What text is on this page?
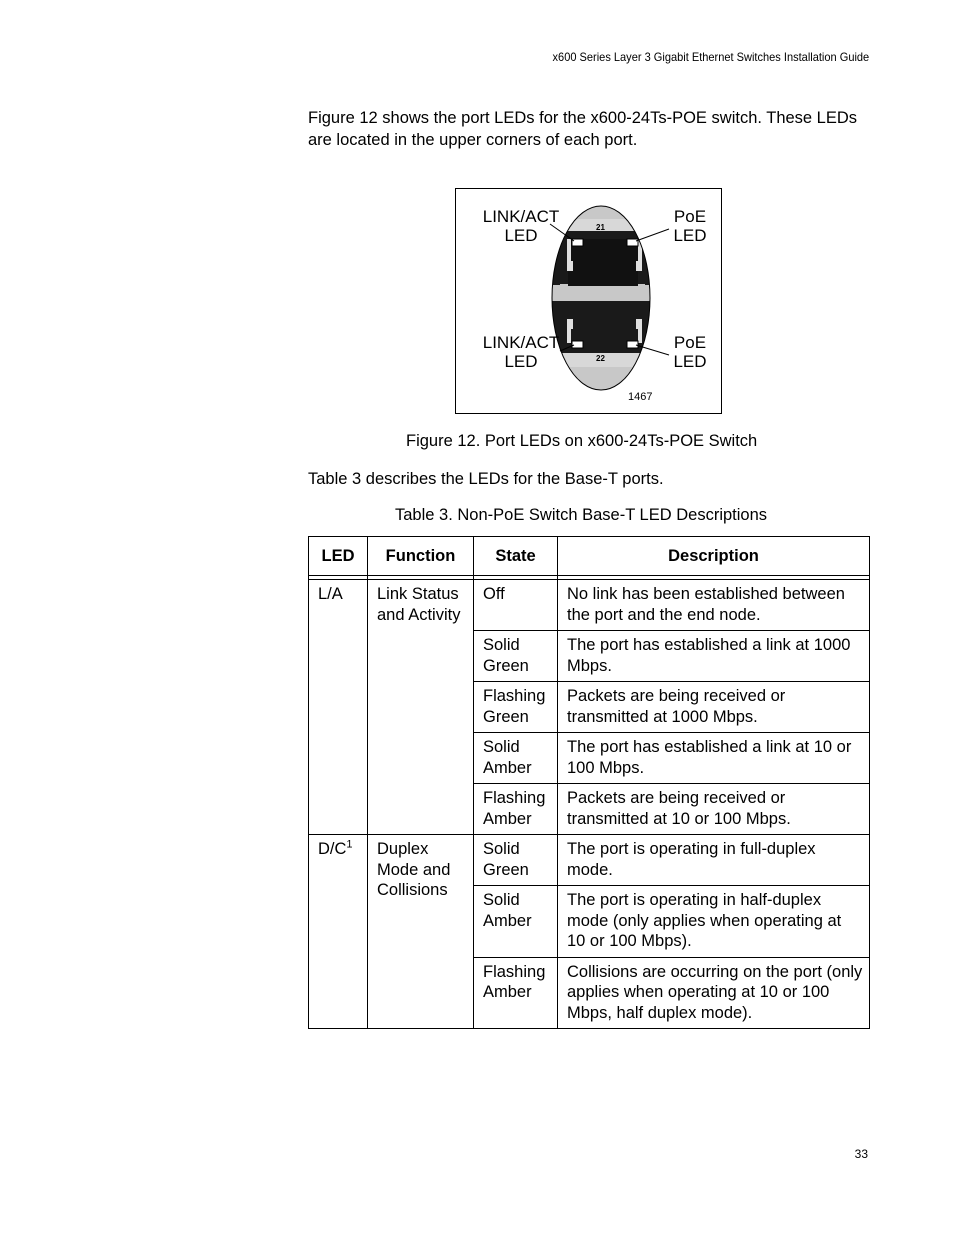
x600 Series Layer 3 Gigabit Ethernet Switches Installation Guide
Figure 12 shows the port LEDs for the x600-24Ts-POE switch. These LEDs are located in the upper corners of each port.
LINK/ACT
LED
PoE
LED
LINK/ACT
LED
PoE
LED
21
22
1467
Figure 12. Port LEDs on x600-24Ts-POE Switch
Table 3 describes the LEDs for the Base-T ports.
Table 3. Non-PoE Switch Base-T LED Descriptions
LED	Function	State	Description

L/A	Link Status and Activity	Off	No link has been established between the port and the end node.
		Solid Green	The port has established a link at 1000 Mbps.
		Flashing Green	Packets are being received or transmitted at 1000 Mbps.
		Solid Amber	The port has established a link at 10 or 100 Mbps.
		Flashing Amber	Packets are being received or transmitted at 10 or 100 Mbps.
$D/C^1$	Duplex Mode and Collisions	Solid Green	The port is operating in full-duplex mode.
		Solid Amber	The port is operating in half-duplex mode (only applies when operating at 10 or 100 Mbps).
		Flashing Amber	Collisions are occurring on the port (only applies when operating at 10 or 100 Mbps, half duplex mode).
33
